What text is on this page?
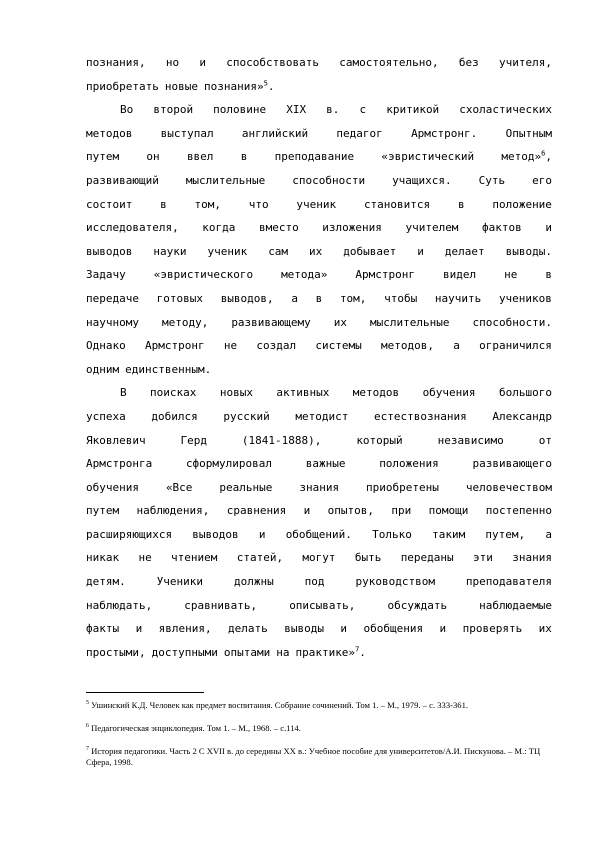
познания, но и способствовать самостоятельно, без учителя,
приобретать новые познания»$^5$.
Во второй половине XIX в. с критикой схоластических
методов	выступал	английский	педагог	Армстронг.	Опытным
путем он ввел в преподавание «эвристический метод»$^6$,
развивающий мыслительные способности учащихся. Суть его
состоит	в	том,	что	ученик	становится	в	положение
исследователя, когда вместо изложения учителем фактов и
выводов науки ученик сам их добывает и делает выводы.
Задачу	«эвристического	метода»	Армстронг	видел	не	в
передаче готовых выводов, а в том, чтобы научить учеников
научному методу, развивающему их мыслительные способности.
Однако Армстронг не создал системы методов, а ограничился
одним единственным.
В поисках новых активных методов обучения большого
успеха добился русский методист естествознания Александр
Яковлевич	Герд	(1841-1888),	который	независимо	от
Армстронга	сформулировал	важные	положения	развивающего
обучения «Все реальные знания приобретены человечеством
путем наблюдения, сравнения и опытов, при помощи постепенно
расширяющихся выводов и обобщений. Только таким путем, а
никак не чтением статей, могут быть переданы эти знания
детям.	Ученики	должны	под	руководством	преподавателя
наблюдать,	сравнивать,	описывать,	обсуждать	наблюдаемые
факты и явления, делать выводы и обобщения и проверять их
простыми, доступными опытами на практике»$^7$.
$^5$ Ушинский К.Д. Человек как предмет воспитания. Собрание сочинений. Том 1. – М., 1979. – с. 333-361.
$^6$ Педагогическая энциклопедия. Том 1. – М., 1968. – с.114.
$^7$ История педагогики. Часть 2 С XVII в. до середины XX в.: Учебное пособие для университетов/А.И. Пискунова. – М.: ТЦ Сфера, 1998.
